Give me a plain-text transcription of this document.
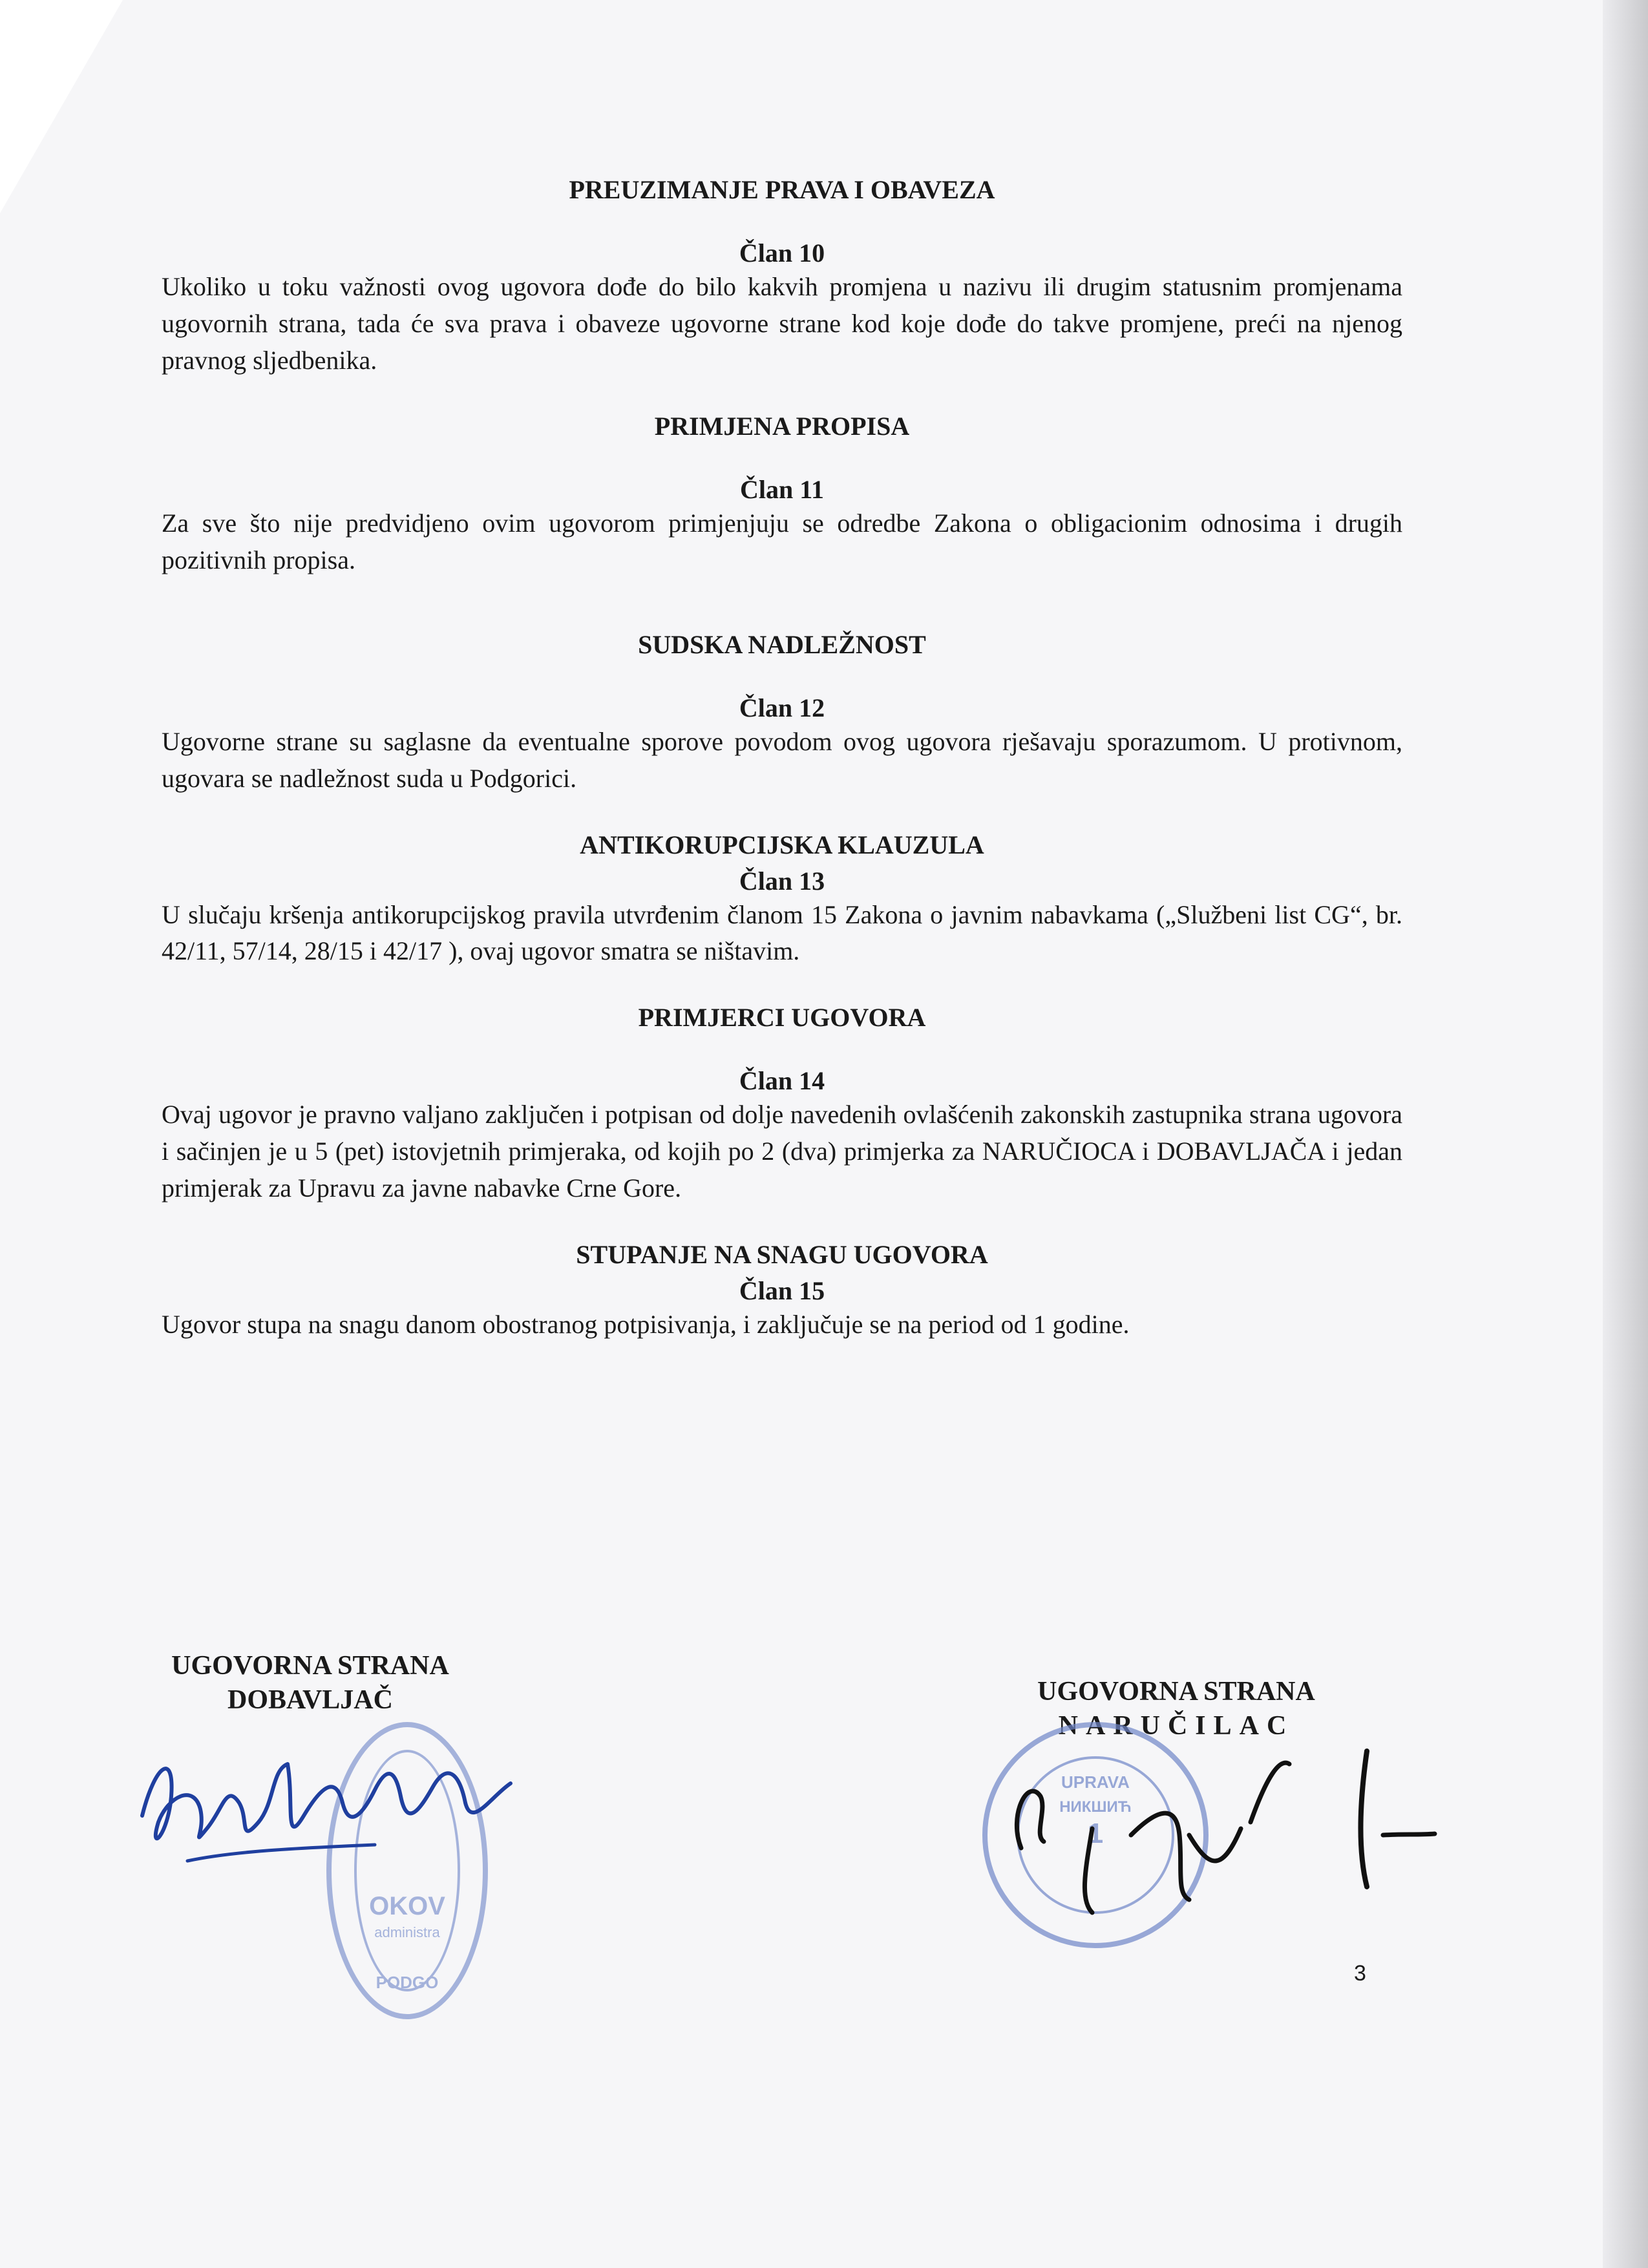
PREUZIMANJE PRAVA I OBAVEZA

Član 10

Ukoliko u toku važnosti ovog ugovora dođe do bilo kakvih promjena u nazivu ili drugim statusnim promjenama ugovornih strana, tada će sva prava i obaveze ugovorne strane kod koje dođe do takve promjene, preći na njenog pravnog sljedbenika.

PRIMJENA PROPISA

Član 11

Za sve što nije predvidjeno ovim ugovorom primjenjuju se odredbe Zakona o obligacionim odnosima i drugih pozitivnih propisa.

SUDSKA NADLEŽNOST

Član 12

Ugovorne strane su saglasne da eventualne sporove povodom ovog ugovora rješavaju sporazumom. U protivnom, ugovara se nadležnost suda u Podgorici.

ANTIKORUPCIJSKA KLAUZULA

Član 13

U slučaju kršenja antikorupcijskog pravila utvrđenim članom 15 Zakona o javnim nabavkama („Službeni list CG“, br. 42/11, 57/14, 28/15 i 42/17 ), ovaj ugovor smatra se ništavim.

PRIMJERCI UGOVORA

Član 14

Ovaj ugovor je pravno valjano zaključen i potpisan od dolje navedenih ovlašćenih zakonskih zastupnika strana ugovora i sačinjen je u 5 (pet) istovjetnih primjeraka, od kojih po 2 (dva) primjerka za NARUČIOCA i DOBAVLJAČA i jedan primjerak za Upravu za javne nabavke Crne Gore.

STUPANJE NA SNAGU UGOVORA

Član 15

Ugovor stupa na snagu danom obostranog potpisivanja, i zaključuje se na period od 1 godine.

UGOVORNA STRANA
DOBAVLJAČ	UGOVORNA STRANA
NARUČILAC
OKOV
administra
PODGO
UPRAVA
НИКШИЋ
1
3
